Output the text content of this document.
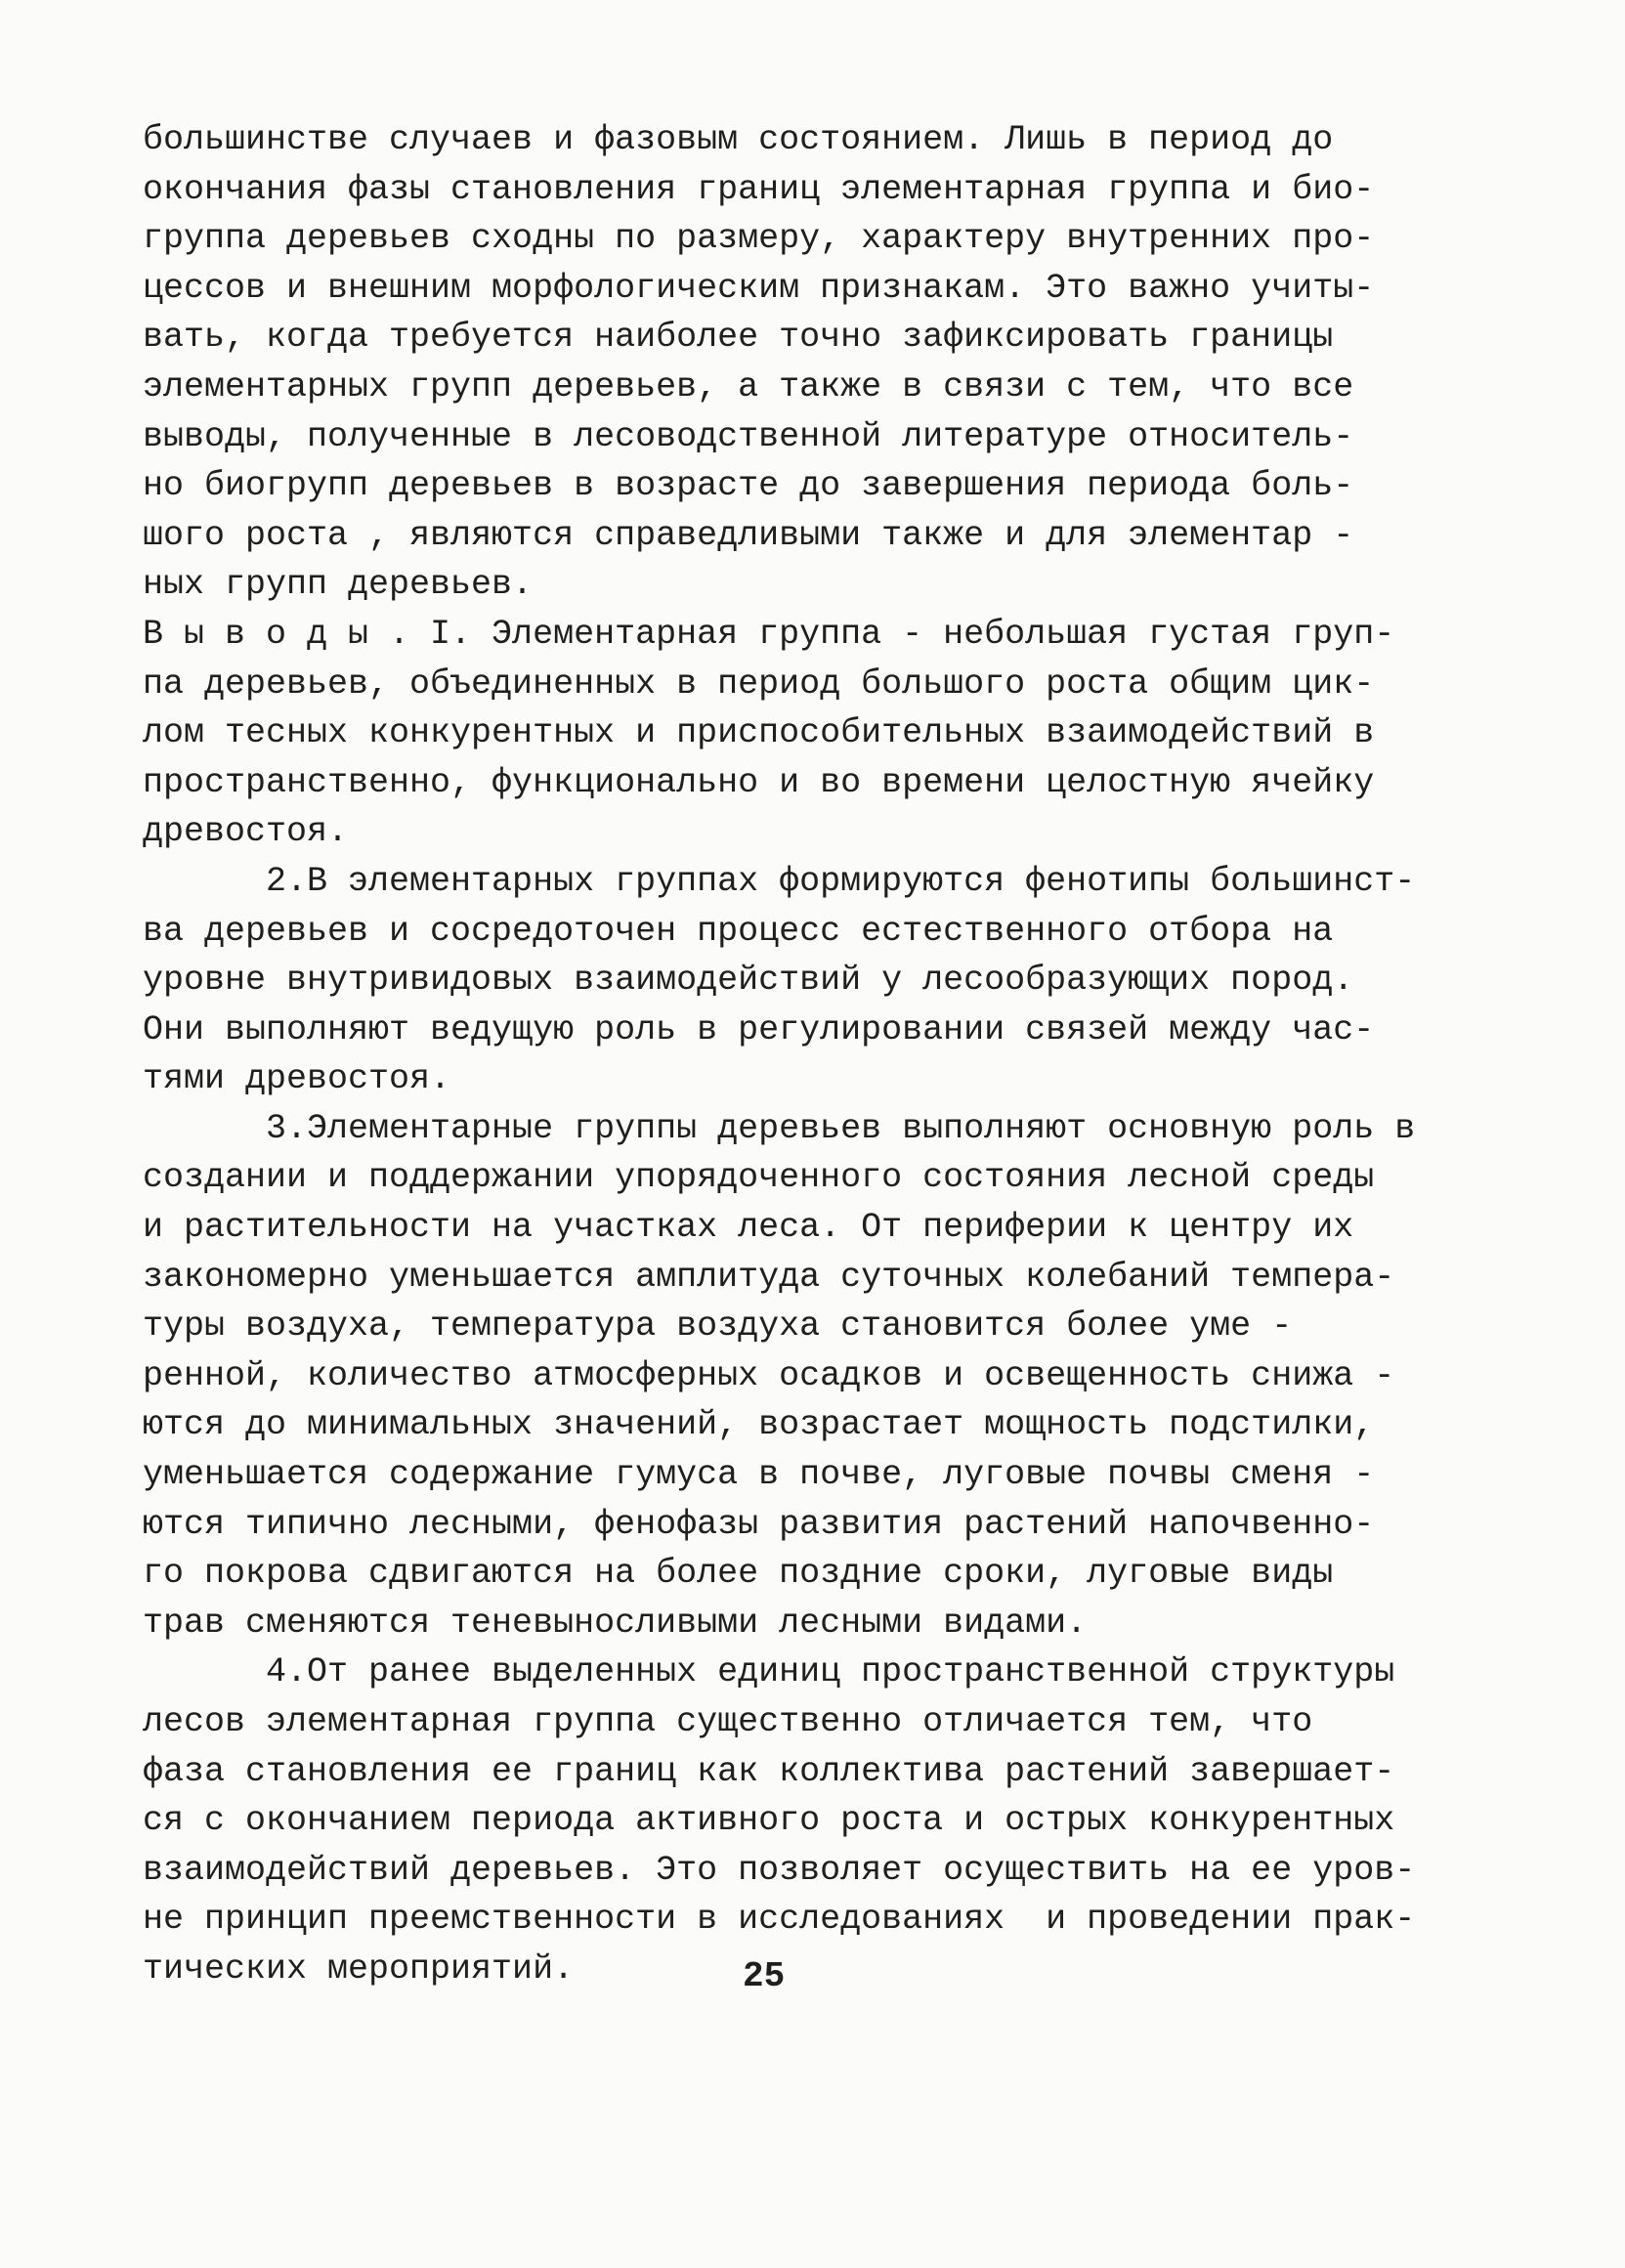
большинстве случаев и фазовым состоянием. Лишь в период до
окончания фазы становления границ элементарная группа и био-
группа деревьев сходны по размеру, характеру внутренних про-
цессов и внешним морфологическим признакам. Это важно учиты-
вать, когда требуется наиболее точно зафиксировать границы
элементарных групп деревьев, а также в связи с тем, что все
выводы, полученные в лесоводственной литературе относитель-
но биогрупп деревьев в возрасте до завершения периода боль-
шого роста , являются справедливыми также и для элементар -
ных групп деревьев.
В ы в о д ы . I. Элементарная группа - небольшая густая груп-
па деревьев, объединенных в период большого роста общим цик-
лом тесных конкурентных и приспособительных взаимодействий в
пространственно, функционально и во времени целостную ячейку
древостоя.
2.В элементарных группах формируются фенотипы большинст-
ва деревьев и сосредоточен процесс естественного отбора на
уровне внутривидовых взаимодействий у лесообразующих пород.
Они выполняют ведущую роль в регулировании связей между час-
тями древостоя.
3.Элементарные группы деревьев выполняют основную роль в
создании и поддержании упорядоченного состояния лесной среды
и растительности на участках леса. От периферии к центру их
закономерно уменьшается амплитуда суточных колебаний темпера-
туры воздуха, температура воздуха становится более уме -
ренной, количество атмосферных осадков и освещенность снижа -
ются до минимальных значений, возрастает мощность подстилки,
уменьшается содержание гумуса в почве, луговые почвы сменя -
ются типично лесными, фенофазы развития растений напочвенно-
го покрова сдвигаются на более поздние сроки, луговые виды
трав сменяются теневыносливыми лесными видами.
4.От ранее выделенных единиц пространственной структуры
лесов элементарная группа существенно отличается тем, что
фаза становления ее границ как коллектива растений завершает-
ся с окончанием периода активного роста и острых конкурентных
взаимодействий деревьев. Это позволяет осуществить на ее уров-
не принцип преемственности в исследованиях  и проведении прак-
тических мероприятий.	25
